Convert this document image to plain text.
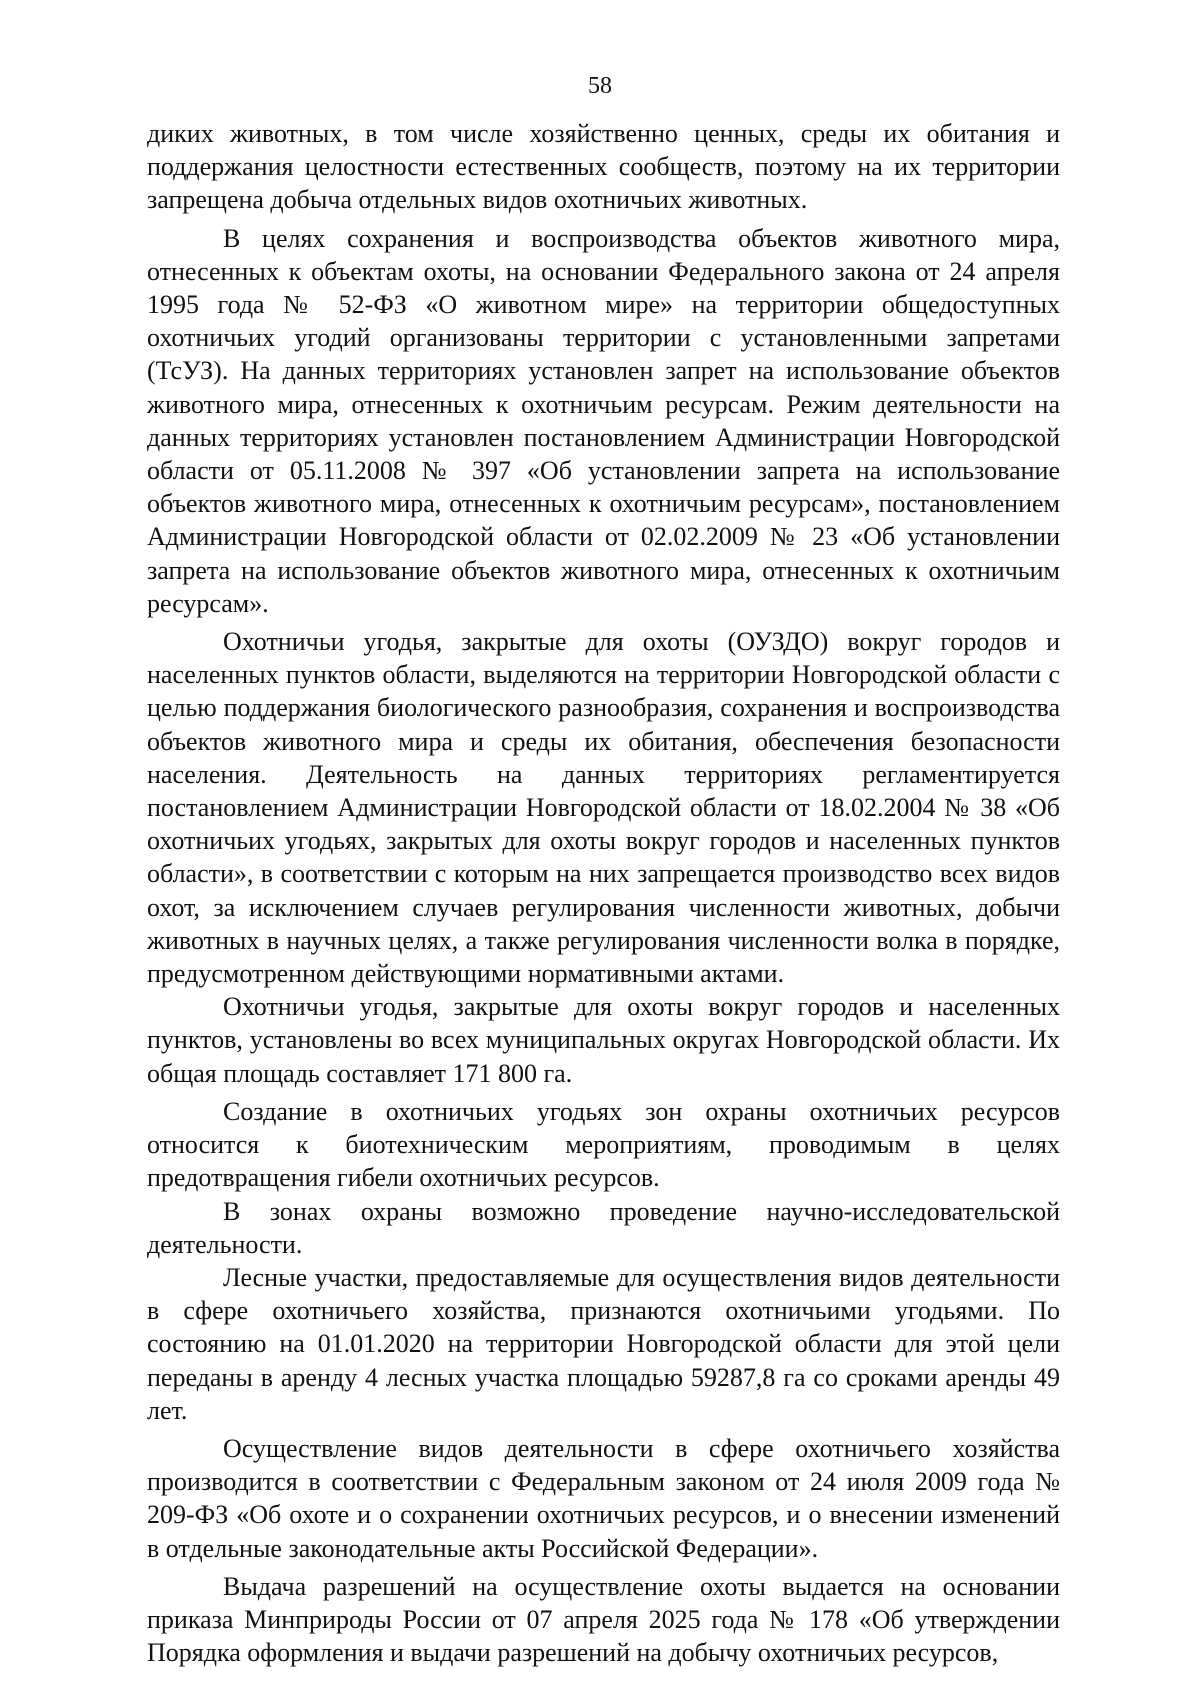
58

диких животных, в том числе хозяйственно ценных, среды их обитания и поддержания целостности естественных сообществ, поэтому на их территории запрещена добыча отдельных видов охотничьих животных.

В целях сохранения и воспроизводства объектов животного мира, отнесенных к объектам охоты, на основании Федерального закона от 24 апреля 1995 года № 52-ФЗ «О животном мире» на территории общедоступных охотничьих угодий организованы территории с установленными запретами (ТсУЗ). На данных территориях установлен запрет на использование объектов животного мира, отнесенных к охотничьим ресурсам. Режим деятельности на данных территориях установлен постановлением Администрации Новгородской области от 05.11.2008 № 397 «Об установлении запрета на использование объектов животного мира, отнесенных к охотничьим ресурсам», постановлением Администрации Новгородской области от 02.02.2009 № 23 «Об установлении запрета на использование объектов животного мира, отнесенных к охотничьим ресурсам».

Охотничьи угодья, закрытые для охоты (ОУЗДО) вокруг городов и населенных пунктов области, выделяются на территории Новгородской области с целью поддержания биологического разнообразия, сохранения и воспроизводства объектов животного мира и среды их обитания, обеспечения безопасности населения. Деятельность на данных территориях регламентируется постановлением Администрации Новгородской области от 18.02.2004 № 38 «Об охотничьих угодьях, закрытых для охоты вокруг городов и населенных пунктов области», в соответствии с которым на них запрещается производство всех видов охот, за исключением случаев регулирования численности животных, добычи животных в научных целях, а также регулирования численности волка в порядке, предусмотренном действующими нормативными актами.

Охотничьи угодья, закрытые для охоты вокруг городов и населенных пунктов, установлены во всех муниципальных округах Новгородской области. Их общая площадь составляет 171 800 га.

Создание в охотничьих угодьях зон охраны охотничьих ресурсов относится к биотехническим мероприятиям, проводимым в целях предотвращения гибели охотничьих ресурсов.

В зонах охраны возможно проведение научно-исследовательской деятельности.

Лесные участки, предоставляемые для осуществления видов деятельности в сфере охотничьего хозяйства, признаются охотничьими угодьями. По состоянию на 01.01.2020 на территории Новгородской области для этой цели переданы в аренду 4 лесных участка площадью 59287,8 га со сроками аренды 49 лет.

Осуществление видов деятельности в сфере охотничьего хозяйства производится в соответствии с Федеральным законом от 24 июля 2009 года № 209-ФЗ «Об охоте и о сохранении охотничьих ресурсов, и о внесении изменений в отдельные законодательные акты Российской Федерации».

Выдача разрешений на осуществление охоты выдается на основании приказа Минприроды России от 07 апреля 2025 года № 178 «Об утверждении Порядка оформления и выдачи разрешений на добычу охотничьих ресурсов,
